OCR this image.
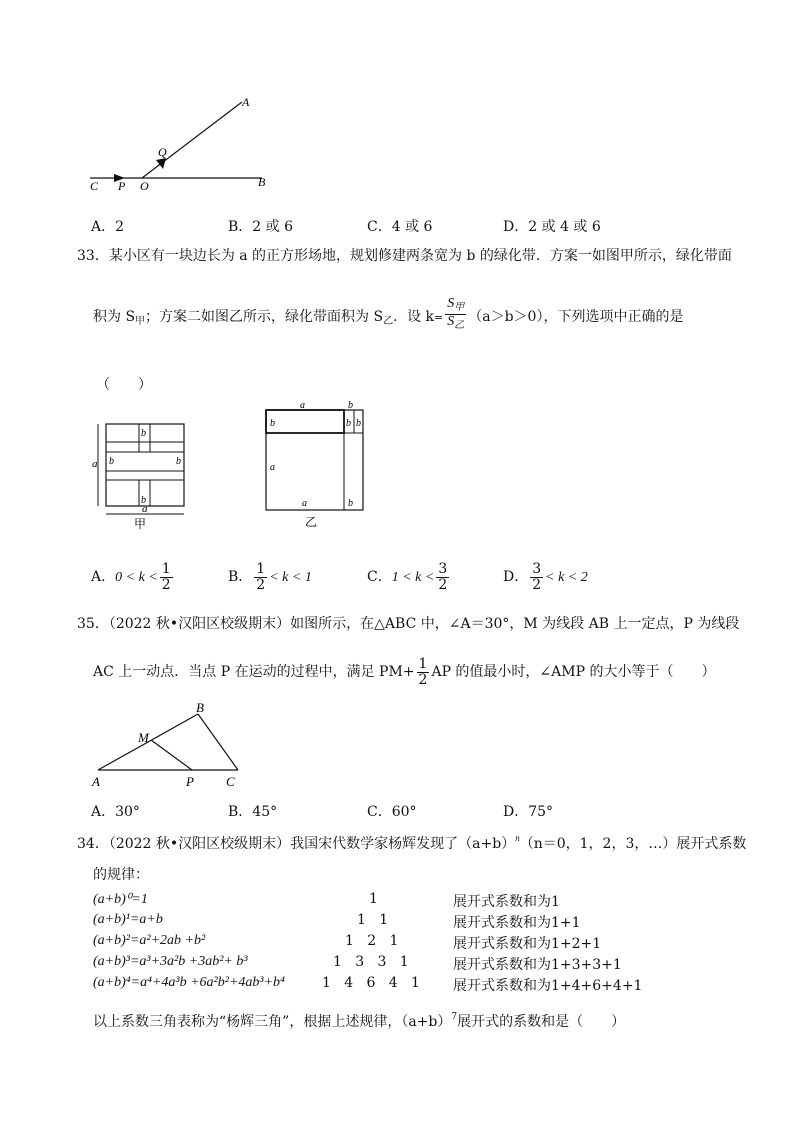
A
Q
C P O	B
A．2	B．2 或 6	C．4 或 6	D．2 或 4 或 6
33．某小区有一块边长为 a 的正方形场地，规划修建两条宽为 b 的绿化带．方案一如图甲所示，绿化带面
积为 $S_甲$；方案二如图乙所示，绿化带面积为 $S_乙$．设 $k= \frac{S_甲}{S_乙} (a>b>0)$，下列选项中正确的是
（　　）
a
a
b
b
b	b
甲
a	b
b	b b
a
a	b
乙
A．$0 < k < \frac{1}{2}$	B． $\frac{1}{2} < k < 1$	C．$1 < k < \frac{3}{2}$	D． $\frac{3}{2} < k < 2$
35．（2022 秋•汉阳区校级期末）如图所示，在△ABC 中，∠A＝30°，M 为线段 AB 上一定点，P 为线段
AC 上一动点．当点 P 在运动的过程中，满足 $PM+ \frac{1}{2}$ AP 的值最小时，∠AMP 的大小等于（　　）
A
B
C
M
P
A．30°	B．45°	C．60°	D．75°
34．（2022 秋•汉阳区校级期末）我国宋代数学家杨辉发现了$(a+b)^n(n=0$，1，2，3，…）展开式系数
的规律：
(a+b)⁰=1	1	展开式系数和为1
(a+b)¹=a+b	1   1	展开式系数和为1+1
(a+b)²=a²+2ab +b²	1   2   1	展开式系数和为1+2+1
(a+b)³=a³+3a²b +3ab²+ b³	1   3   3   1	展开式系数和为1+3+3+1
(a+b)⁴=a⁴+4a³b +6a²b²+4ab³+b⁴	1   4   6   4   1 展开式系数和为1+4+6+4+1
以上系数三角表称为“杨辉三角”，根据上述规律，$(a+b)^7$展开式的系数和是（　　）
